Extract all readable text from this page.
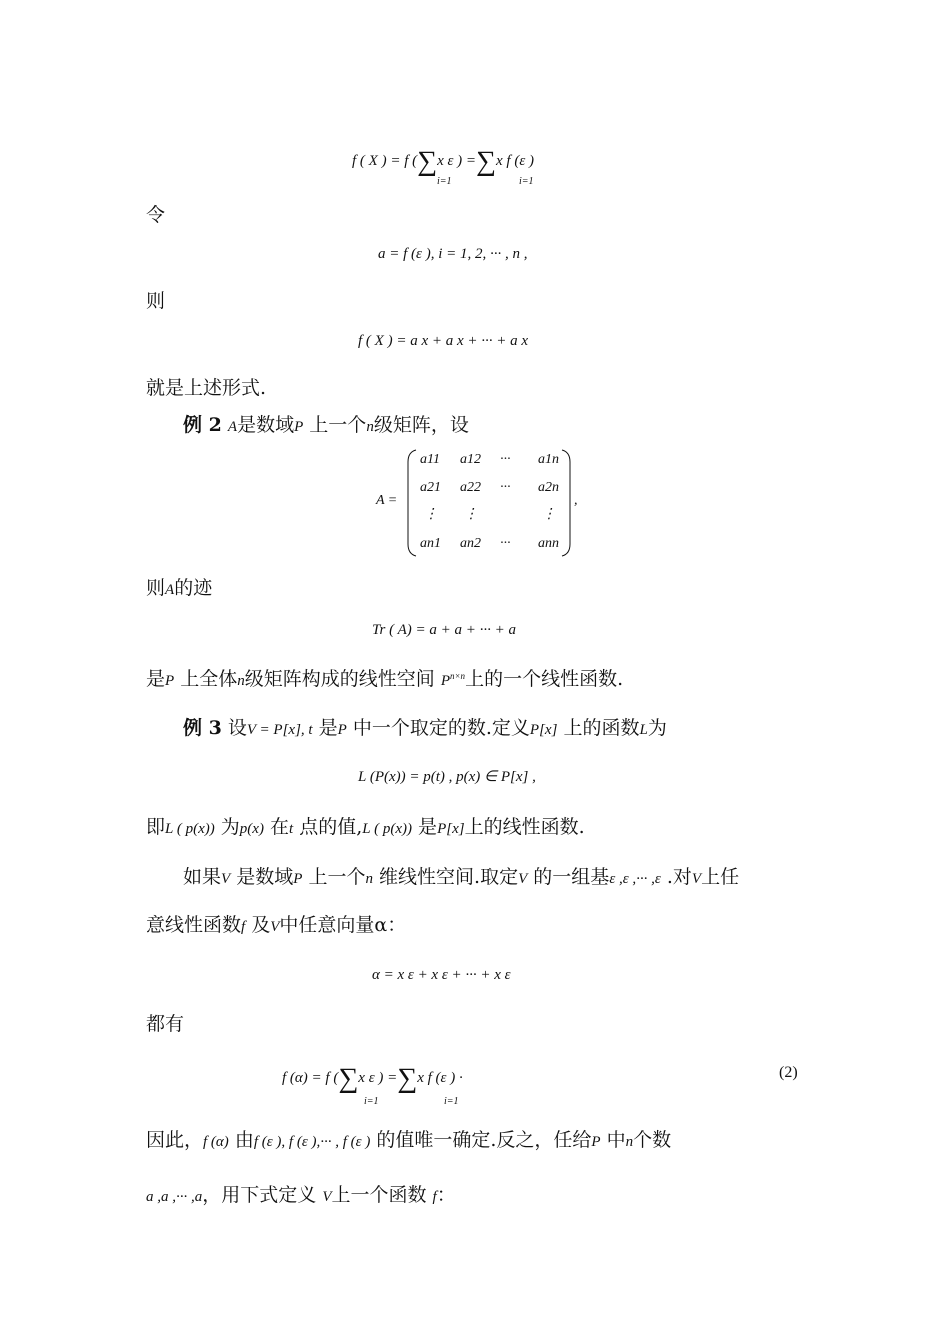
f ( X ) = f (∑x ε ) =∑x f (ε )
i=1	i=1
令
a = f (ε ), i = 1, 2, ··· , n ,
则
f ( X ) = a x + a x + ··· + a x
就是上述形式.
例 2 A是数域P 上一个n级矩阵，设
A =
a11 a12 ··· a1n
a21 a22 ··· a2n
⋮ ⋮	⋮
an1 an2 ··· ann
,
则A的迹
Tr ( A) = a + a + ··· + a
是P 上全体n级矩阵构成的线性空间 $P^{n\times n}$上的一个线性函数.
例 3 设V = P[x], t 是P 中一个取定的数.定义P[x] 上的函数L为
L (P(x)) = p(t) , p(x) ∈ P[x] ,
即L ( p(x)) 为p(x) 在t 点的值,L ( p(x)) 是P[x]上的线性函数.
如果V 是数域P 上一个n 维线性空间.取定V 的一组基ε ,ε ,··· ,ε .对V上任
意线性函数f 及V中任意向量α：
α = x ε + x ε + ··· + x ε
都有
f (α) = f (∑x ε ) =∑x f (ε ) ·
i=1	i=1
(2)
因此，f (α) 由f (ε ), f (ε ),··· , f (ε ) 的值唯一确定.反之，任给P 中n个数
a ,a ,··· ,a，用下式定义 V上一个函数 f：
